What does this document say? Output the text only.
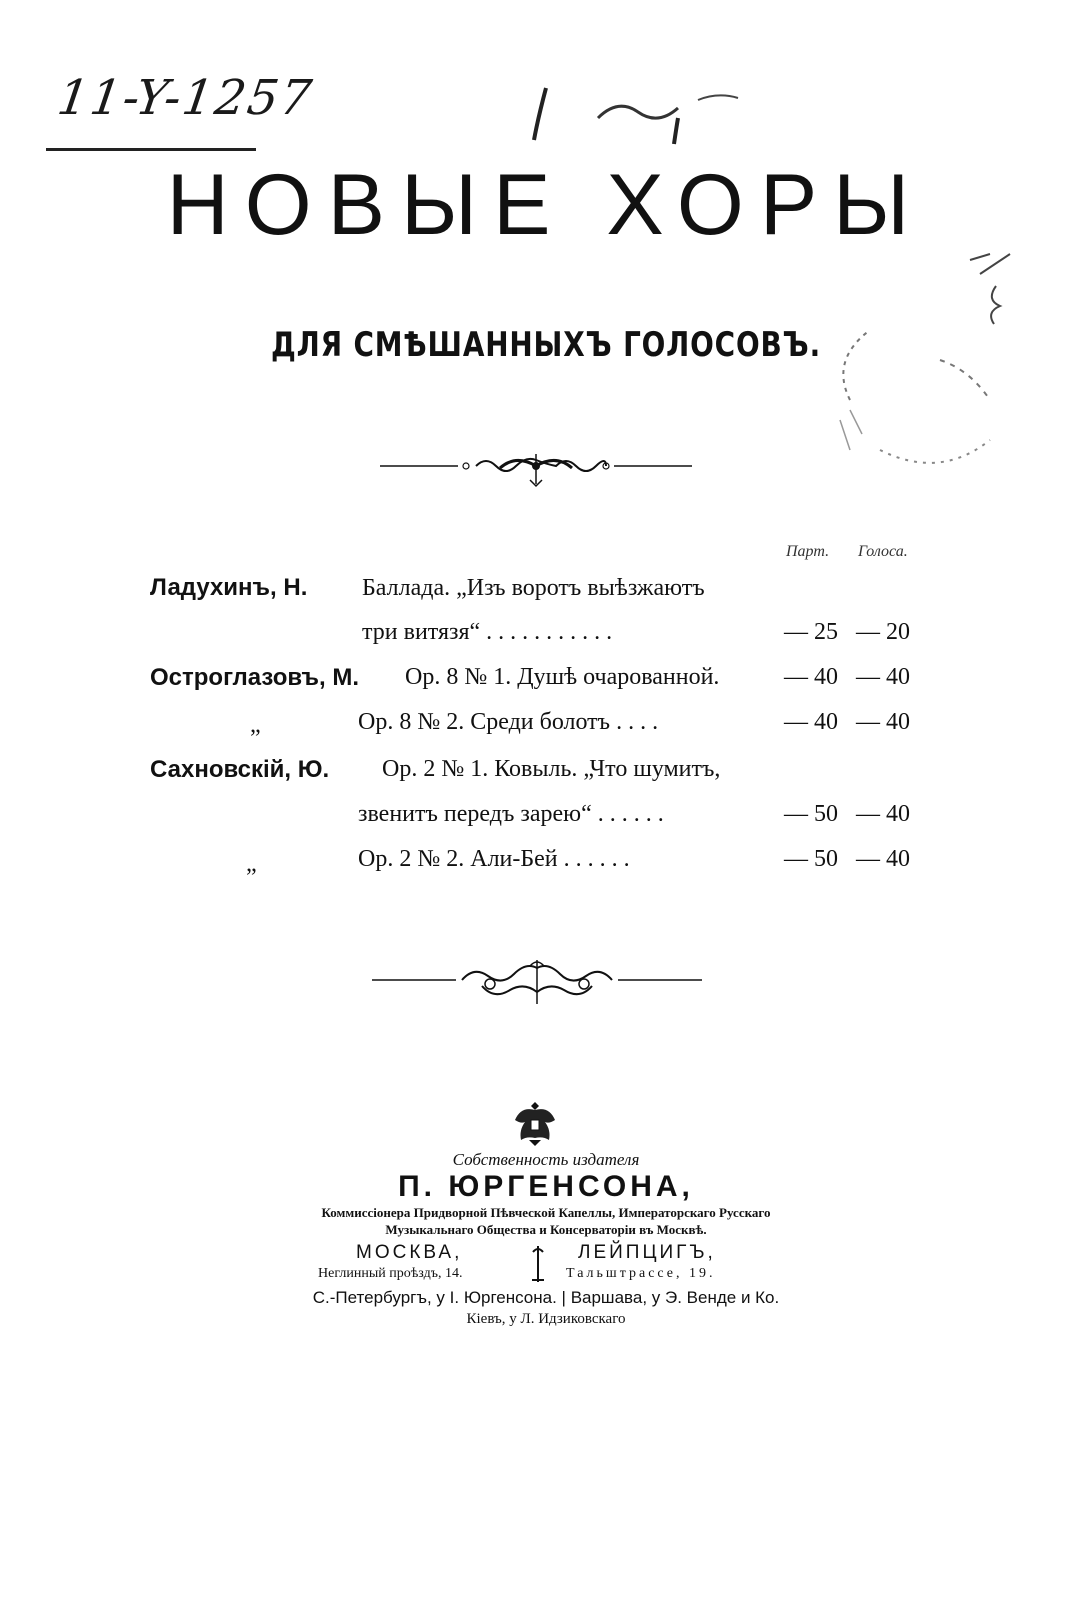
11-Y-1257
НОВЫЕ ХОРЫ
ДЛЯ СМѢШАННЫХЪ ГОЛОСОВЪ.
Парт. Голоса.
Ладухинъ, Н. Баллада. „Изъ воротъ выѣзжаютъ
три витязя“ . . . . . . . . . . .	— 25 — 20
Острoглазовъ, М. Op. 8 № 1. Душѣ очарованной.	— 40 — 40
„	Op. 8 № 2. Среди болотъ . . . .	— 40 — 40
Сахновскій, Ю. Op. 2 № 1. Ковыль. „Что шумитъ,
звенитъ передъ зарею“ . . . . . .	— 50 — 40
„	Op. 2 № 2. Али-Бей . . . . . .	— 50 — 40
Собственность издателя
П. ЮРГЕНСОНА,
Коммиссіонера Придворной Пѣвческой Капеллы, Императорскаго Русскаго
Музыкальнаго Общества и Консерваторіи въ Москвѣ.
МОСКВА,
Неглинный проѣздъ, 14.
ЛЕЙПЦИГЪ,
Тальштрассе, 19.
С.-Петербургъ, у І. Юргенсона. | Варшава, у Э. Венде и Ко.
Кіевъ, у Л. Идзиковскаго
